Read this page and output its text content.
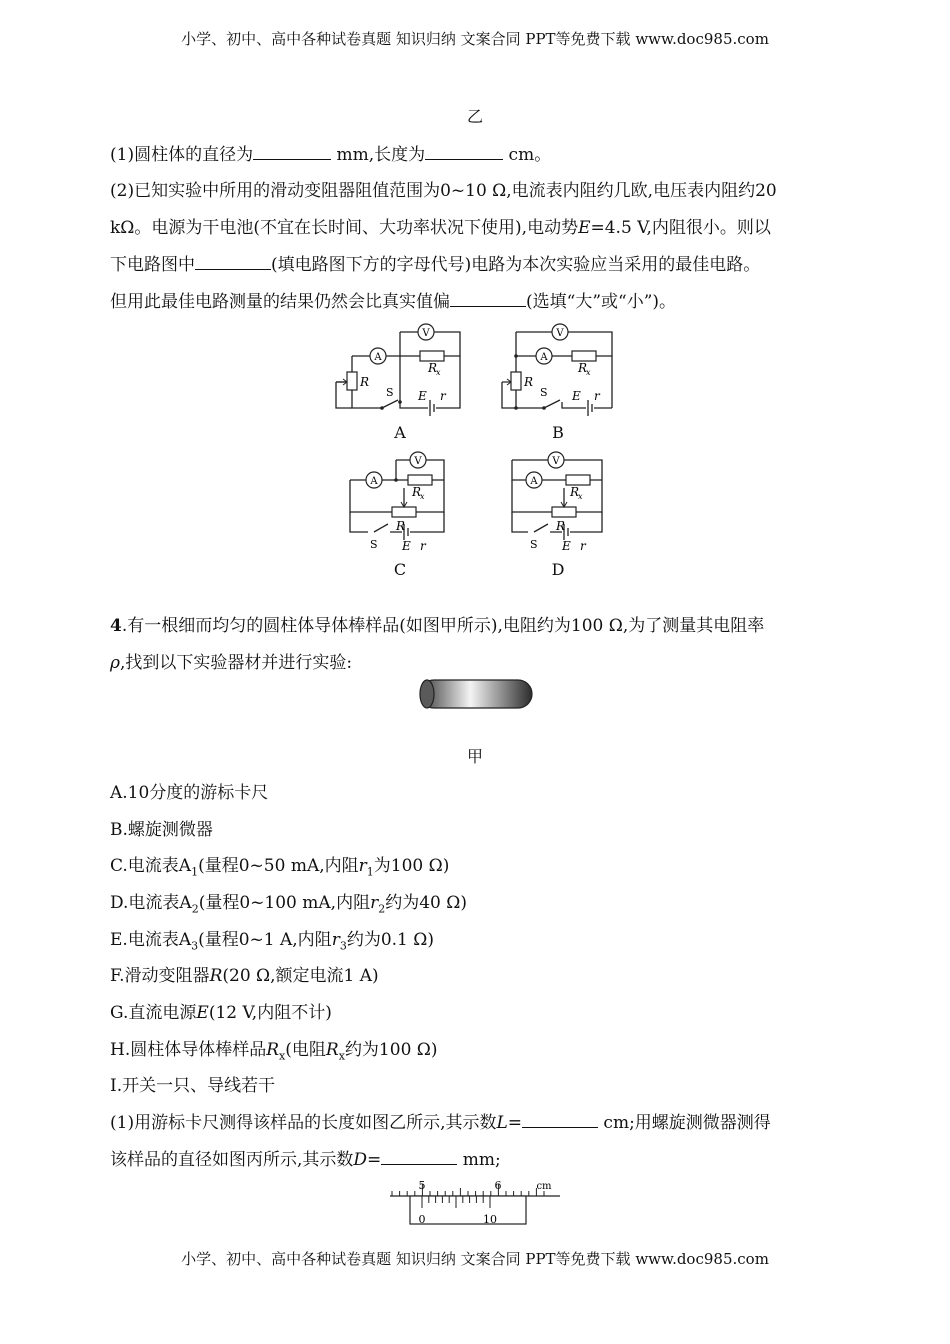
小学、初中、高中各种试卷真题 知识归纳 文案合同 PPT等免费下载 www.doc985.com
乙
(1)圆柱体的直径为	mm,长度为	cm。
(2)已知实验中所用的滑动变阻器阻值范围为0~10 Ω,电流表内阻约几欧,电压表内阻约20
kΩ。电源为干电池(不宜在长时间、大功率状况下使用),电动势E=4.5 V,内阻很小。则以
下电路图中	(填电路图下方的字母代号)电路为本次实验应当采用的最佳电路。
但用此最佳电路测量的结果仍然会比真实值偏	(选填“大”或“小”)。
A
V
R
x
R
S E r
A
A
V
R
x
R
S E r
B
A
V
R
x
R
S E r
C
A
V
R
x
R
S E r
D
4.有一根细而均匀的圆柱体导体棒样品(如图甲所示),电阻约为100 Ω,为了测量其电阻率
ρ,找到以下实验器材并进行实验:
甲
A.10分度的游标卡尺
B.螺旋测微器
C.电流表$A_1$(量程0~50 mA,内阻$r_1$为100 Ω)
D.电流表$A_2$(量程0~100 mA,内阻$r_2$约为40 Ω)
E.电流表$A_3$(量程0~1 A,内阻$r_3$约为0.1 Ω)
F.滑动变阻器R(20 Ω,额定电流1 A)
G.直流电源E(12 V,内阻不计)
H.圆柱体导体棒样品$R_x$(电阻$R_x$约为100 Ω)
I.开关一只、导线若干
(1)用游标卡尺测得该样品的长度如图乙所示,其示数L=	cm;用螺旋测微器测得
该样品的直径如图丙所示,其示数D=	mm;
5	6	cm
0	10
小学、初中、高中各种试卷真题 知识归纳 文案合同 PPT等免费下载 www.doc985.com
